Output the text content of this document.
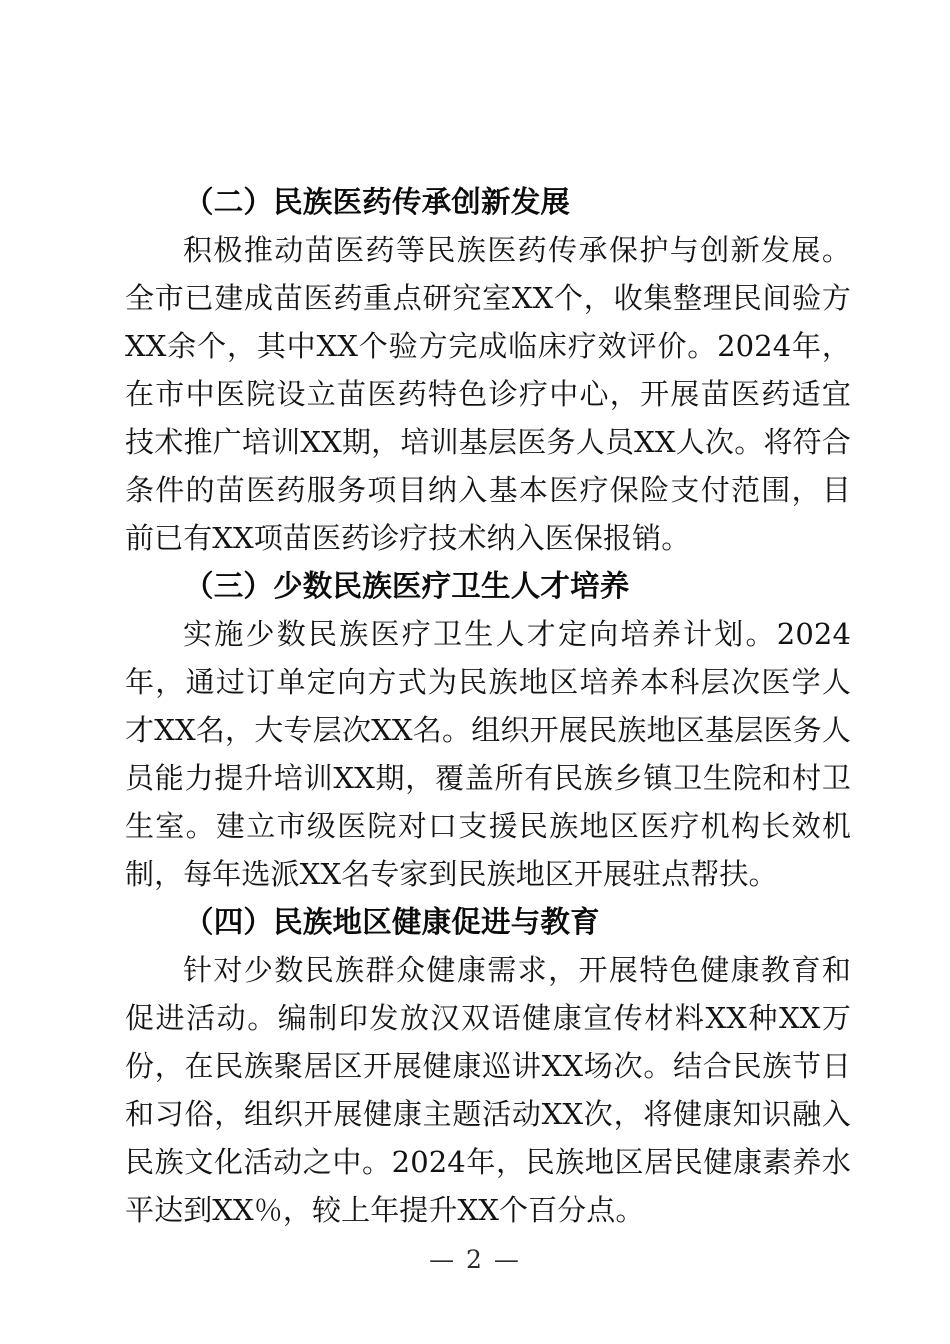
（二）民族医药传承创新发展

积极推动苗医药等民族医药传承保护与创新发展。全市已建成苗医药重点研究室XX个，收集整理民间验方XX余个，其中XX个验方完成临床疗效评价。2024年，在市中医院设立苗医药特色诊疗中心，开展苗医药适宜技术推广培训XX期，培训基层医务人员XX人次。将符合条件的苗医药服务项目纳入基本医疗保险支付范围，目前已有XX项苗医药诊疗技术纳入医保报销。

（三）少数民族医疗卫生人才培养

实施少数民族医疗卫生人才定向培养计划。2024年，通过订单定向方式为民族地区培养本科层次医学人才XX名，大专层次XX名。组织开展民族地区基层医务人员能力提升培训XX期，覆盖所有民族乡镇卫生院和村卫生室。建立市级医院对口支援民族地区医疗机构长效机制，每年选派XX名专家到民族地区开展驻点帮扶。

（四）民族地区健康促进与教育

针对少数民族群众健康需求，开展特色健康教育和促进活动。编制印发放汉双语健康宣传材料XX种XX万份，在民族聚居区开展健康巡讲XX场次。结合民族节日和习俗，组织开展健康主题活动XX次，将健康知识融入民族文化活动之中。2024年，民族地区居民健康素养水平达到XX％，较上年提升XX个百分点。

— 2 —
